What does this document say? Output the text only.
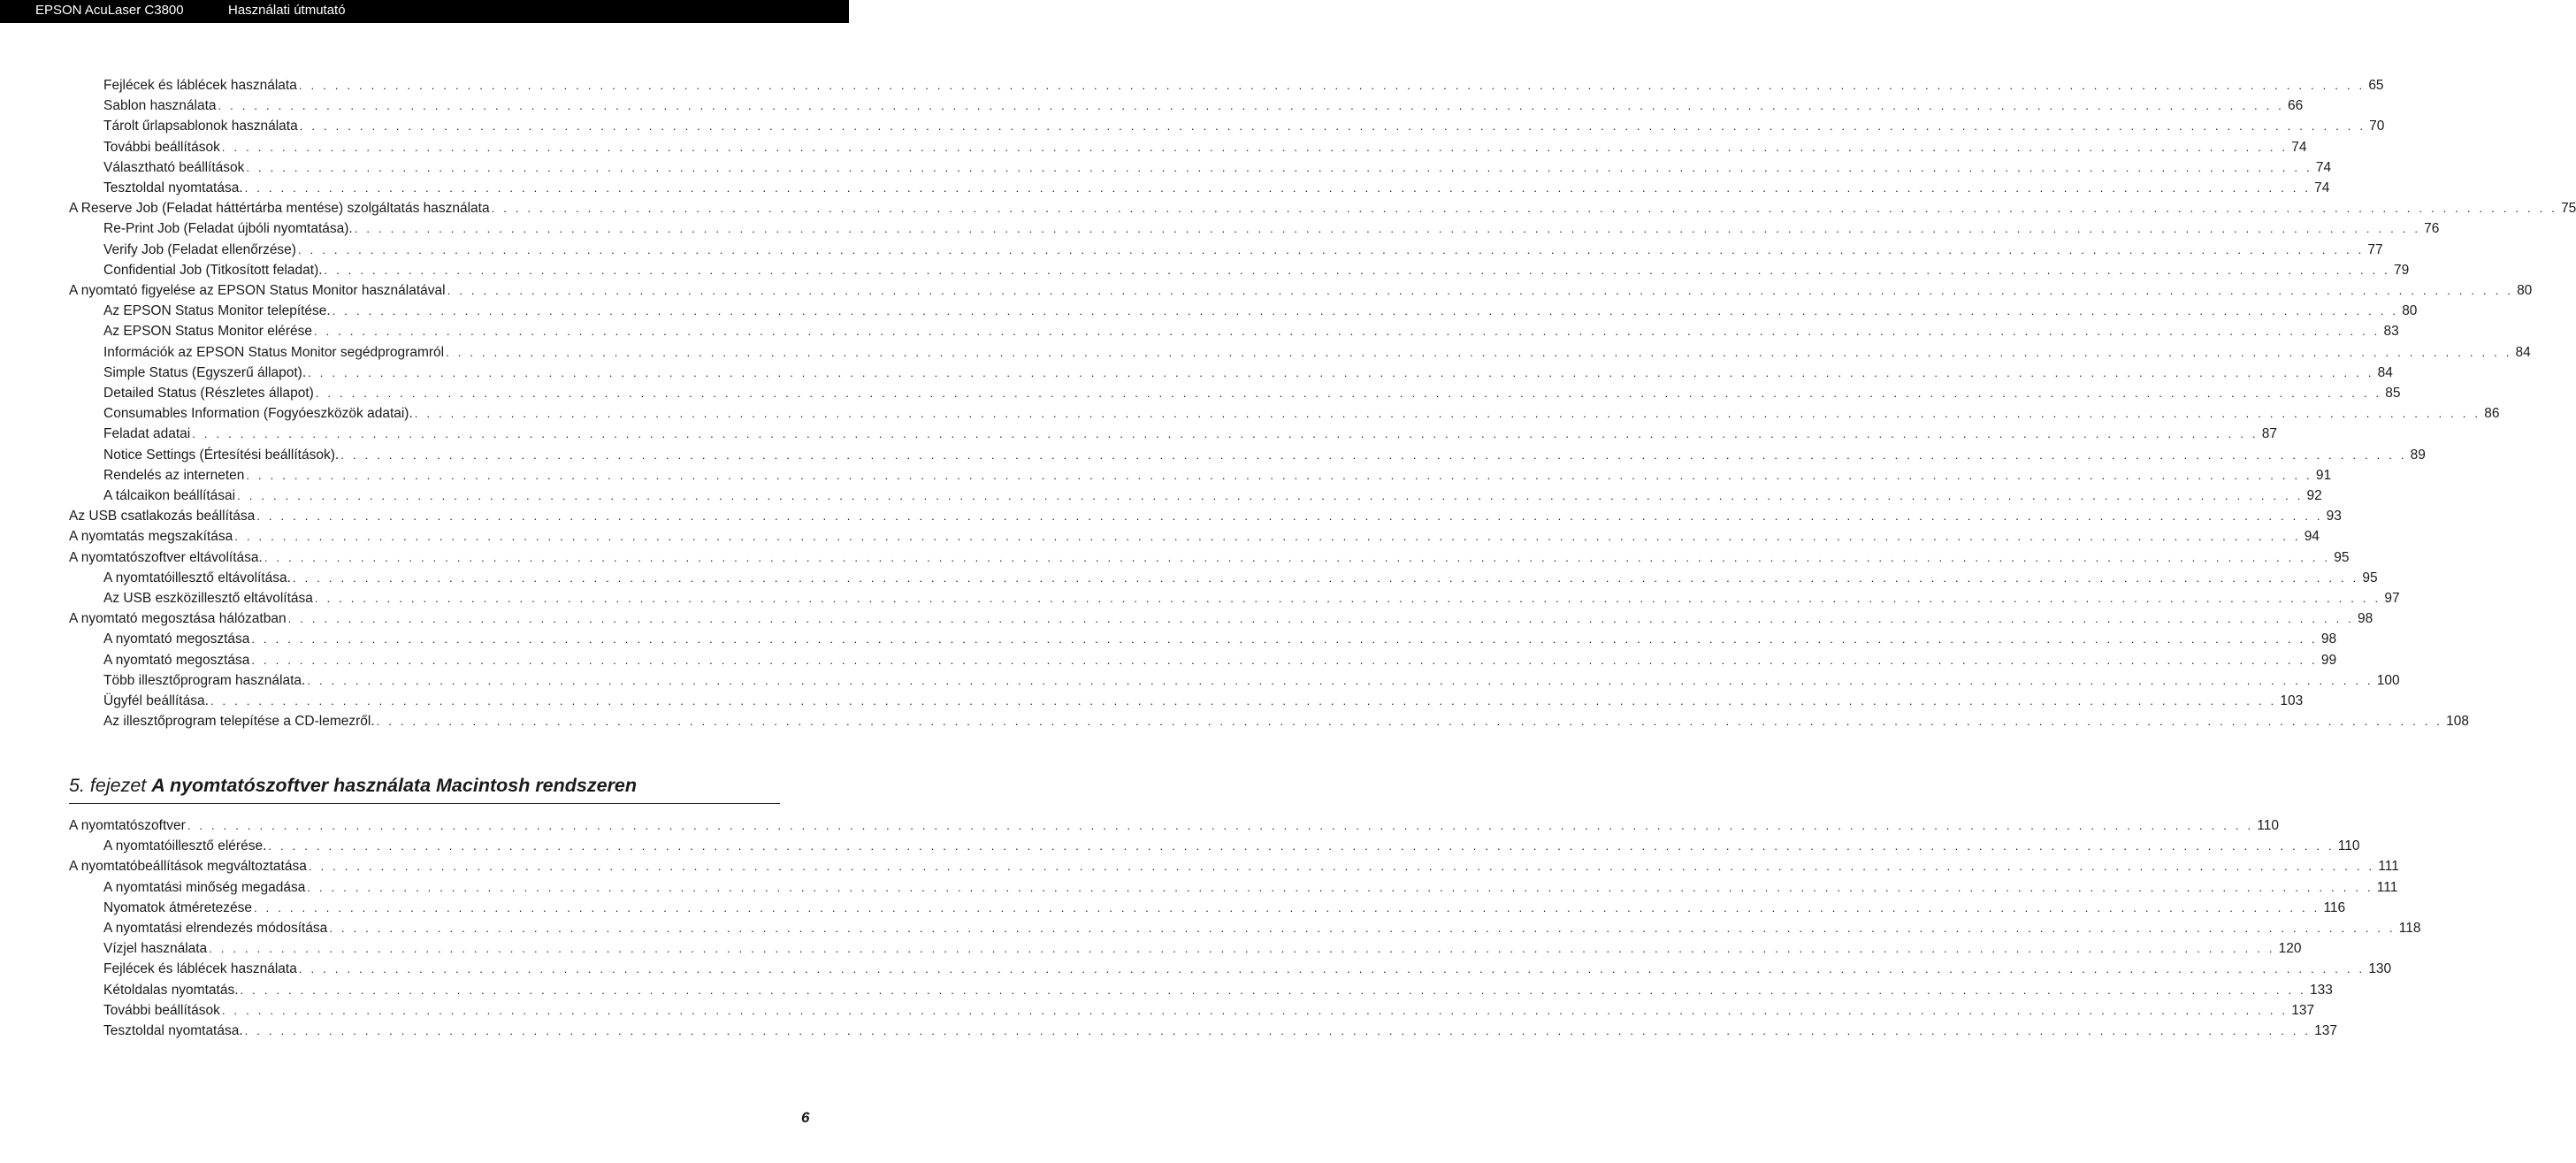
EPSON AcuLaser C3800	Használati útmutató
Fejlécek és láblécek használata . . . . . . . . . . . . . . . . . . . . . . . . . . . . . . . . . . . . . . . . . . . . . . . . . . . . . . . . . . . . . . . . . . . . . . . . . . . . . . . . . . . . . . . . . . . . . . . . . . . . . . . . . . . . . . . . . . . . . . . . . . . . . . . . . . . . . . . . . . . . . . . . . . . . . . . . . . . . . . . . . . . . . . . . . . . . 65
Sablon használata . . . . . . . . . . . . . . . . . . . . . . . . . . . . . . . . . . . . . . . . . . . . . . . . . . . . . . . . . . . . . . . . . . . . . . . . . . . . . . . . . . . . . . . . . . . . . . . . . . . . . . . . . . . . . . . . . . . . . . . . . . . . . . . . . . . . . . . . . . . . . . . . . . . . . . . . . . . . . . . . . . . . . . . . . . . . 66
Tárolt űrlapsablonok használata . . . . . . . . . . . . . . . . . . . . . . . . . . . . . . . . . . . . . . . . . . . . . . . . . . . . . . . . . . . . . . . . . . . . . . . . . . . . . . . . . . . . . . . . . . . . . . . . . . . . . . . . . . . . . . . . . . . . . . . . . . . . . . . . . . . . . . . . . . . . . . . . . . . . . . . . . . . . . . . . . . . . . . . . . . . . 70
További beállítások . . . . . . . . . . . . . . . . . . . . . . . . . . . . . . . . . . . . . . . . . . . . . . . . . . . . . . . . . . . . . . . . . . . . . . . . . . . . . . . . . . . . . . . . . . . . . . . . . . . . . . . . . . . . . . . . . . . . . . . . . . . . . . . . . . . . . . . . . . . . . . . . . . . . . . . . . . . . . . . . . . . . . . . . . . . . 74
Választható beállítások . . . . . . . . . . . . . . . . . . . . . . . . . . . . . . . . . . . . . . . . . . . . . . . . . . . . . . . . . . . . . . . . . . . . . . . . . . . . . . . . . . . . . . . . . . . . . . . . . . . . . . . . . . . . . . . . . . . . . . . . . . . . . . . . . . . . . . . . . . . . . . . . . . . . . . . . . . . . . . . . . . . . . . . . . . . . 74
Tesztoldal nyomtatása. . . . . . . . . . . . . . . . . . . . . . . . . . . . . . . . . . . . . . . . . . . . . . . . . . . . . . . . . . . . . . . . . . . . . . . . . . . . . . . . . . . . . . . . . . . . . . . . . . . . . . . . . . . . . . . . . . . . . . . . . . . . . . . . . . . . . . . . . . . . . . . . . . . . . . . . . . . . . . . . . . . . . . . . . . . . . 74
A Reserve Job (Feladat háttértárba mentése) szolgáltatás használata . . . . . . . . . . . . . . . . . . . . . . . . . . . . . . . . . . . . . . . . . . . . . . . . . . . . . . . . . . . . . . . . . . . . . . . . . . . . . . . . . . . . . . . . . . . . . . . . . . . . . . . . . . . . . . . . . . . . . . . . . . . . . . . . . . . . . . . . . . . . . . . . . . . . . . . . . . . . . . . . . . . . . . . . . . . . 75
Re-Print Job (Feladat újbóli nyomtatása). . . . . . . . . . . . . . . . . . . . . . . . . . . . . . . . . . . . . . . . . . . . . . . . . . . . . . . . . . . . . . . . . . . . . . . . . . . . . . . . . . . . . . . . . . . . . . . . . . . . . . . . . . . . . . . . . . . . . . . . . . . . . . . . . . . . . . . . . . . . . . . . . . . . . . . . . . . . . . . . . . . . . . . . . . . . . 76
Verify Job (Feladat ellenőrzése) . . . . . . . . . . . . . . . . . . . . . . . . . . . . . . . . . . . . . . . . . . . . . . . . . . . . . . . . . . . . . . . . . . . . . . . . . . . . . . . . . . . . . . . . . . . . . . . . . . . . . . . . . . . . . . . . . . . . . . . . . . . . . . . . . . . . . . . . . . . . . . . . . . . . . . . . . . . . . . . . . . . . . . . . . . . . 77
Confidential Job (Titkosított feladat). . . . . . . . . . . . . . . . . . . . . . . . . . . . . . . . . . . . . . . . . . . . . . . . . . . . . . . . . . . . . . . . . . . . . . . . . . . . . . . . . . . . . . . . . . . . . . . . . . . . . . . . . . . . . . . . . . . . . . . . . . . . . . . . . . . . . . . . . . . . . . . . . . . . . . . . . . . . . . . . . . . . . . . . . . . . . 79
A nyomtató figyelése az EPSON Status Monitor használatával . . . . . . . . . . . . . . . . . . . . . . . . . . . . . . . . . . . . . . . . . . . . . . . . . . . . . . . . . . . . . . . . . . . . . . . . . . . . . . . . . . . . . . . . . . . . . . . . . . . . . . . . . . . . . . . . . . . . . . . . . . . . . . . . . . . . . . . . . . . . . . . . . . . . . . . . . . . . . . . . . . . . . . . . . . . . 80
Az EPSON Status Monitor telepítése. . . . . . . . . . . . . . . . . . . . . . . . . . . . . . . . . . . . . . . . . . . . . . . . . . . . . . . . . . . . . . . . . . . . . . . . . . . . . . . . . . . . . . . . . . . . . . . . . . . . . . . . . . . . . . . . . . . . . . . . . . . . . . . . . . . . . . . . . . . . . . . . . . . . . . . . . . . . . . . . . . . . . . . . . . . . . 80
Az EPSON Status Monitor elérése . . . . . . . . . . . . . . . . . . . . . . . . . . . . . . . . . . . . . . . . . . . . . . . . . . . . . . . . . . . . . . . . . . . . . . . . . . . . . . . . . . . . . . . . . . . . . . . . . . . . . . . . . . . . . . . . . . . . . . . . . . . . . . . . . . . . . . . . . . . . . . . . . . . . . . . . . . . . . . . . . . . . . . . . . . . . 83
Információk az EPSON Status Monitor segédprogramról . . . . . . . . . . . . . . . . . . . . . . . . . . . . . . . . . . . . . . . . . . . . . . . . . . . . . . . . . . . . . . . . . . . . . . . . . . . . . . . . . . . . . . . . . . . . . . . . . . . . . . . . . . . . . . . . . . . . . . . . . . . . . . . . . . . . . . . . . . . . . . . . . . . . . . . . . . . . . . . . . . . . . . . . . . . . 84
Simple Status (Egyszerű állapot). . . . . . . . . . . . . . . . . . . . . . . . . . . . . . . . . . . . . . . . . . . . . . . . . . . . . . . . . . . . . . . . . . . . . . . . . . . . . . . . . . . . . . . . . . . . . . . . . . . . . . . . . . . . . . . . . . . . . . . . . . . . . . . . . . . . . . . . . . . . . . . . . . . . . . . . . . . . . . . . . . . . . . . . . . . . . 84
Detailed Status (Részletes állapot) . . . . . . . . . . . . . . . . . . . . . . . . . . . . . . . . . . . . . . . . . . . . . . . . . . . . . . . . . . . . . . . . . . . . . . . . . . . . . . . . . . . . . . . . . . . . . . . . . . . . . . . . . . . . . . . . . . . . . . . . . . . . . . . . . . . . . . . . . . . . . . . . . . . . . . . . . . . . . . . . . . . . . . . . . . . . 85
Consumables Information (Fogyóeszközök adatai). . . . . . . . . . . . . . . . . . . . . . . . . . . . . . . . . . . . . . . . . . . . . . . . . . . . . . . . . . . . . . . . . . . . . . . . . . . . . . . . . . . . . . . . . . . . . . . . . . . . . . . . . . . . . . . . . . . . . . . . . . . . . . . . . . . . . . . . . . . . . . . . . . . . . . . . . . . . . . . . . . . . . . . . . . . . . 86
Feladat adatai . . . . . . . . . . . . . . . . . . . . . . . . . . . . . . . . . . . . . . . . . . . . . . . . . . . . . . . . . . . . . . . . . . . . . . . . . . . . . . . . . . . . . . . . . . . . . . . . . . . . . . . . . . . . . . . . . . . . . . . . . . . . . . . . . . . . . . . . . . . . . . . . . . . . . . . . . . . . . . . . . . . . . . . . . . . . 87
Notice Settings (Értesítési beállítások). . . . . . . . . . . . . . . . . . . . . . . . . . . . . . . . . . . . . . . . . . . . . . . . . . . . . . . . . . . . . . . . . . . . . . . . . . . . . . . . . . . . . . . . . . . . . . . . . . . . . . . . . . . . . . . . . . . . . . . . . . . . . . . . . . . . . . . . . . . . . . . . . . . . . . . . . . . . . . . . . . . . . . . . . . . . . 89
Rendelés az interneten . . . . . . . . . . . . . . . . . . . . . . . . . . . . . . . . . . . . . . . . . . . . . . . . . . . . . . . . . . . . . . . . . . . . . . . . . . . . . . . . . . . . . . . . . . . . . . . . . . . . . . . . . . . . . . . . . . . . . . . . . . . . . . . . . . . . . . . . . . . . . . . . . . . . . . . . . . . . . . . . . . . . . . . . . . . . 91
A tálcaikon beállításai . . . . . . . . . . . . . . . . . . . . . . . . . . . . . . . . . . . . . . . . . . . . . . . . . . . . . . . . . . . . . . . . . . . . . . . . . . . . . . . . . . . . . . . . . . . . . . . . . . . . . . . . . . . . . . . . . . . . . . . . . . . . . . . . . . . . . . . . . . . . . . . . . . . . . . . . . . . . . . . . . . . . . . . . . . . . 92
Az USB csatlakozás beállítása . . . . . . . . . . . . . . . . . . . . . . . . . . . . . . . . . . . . . . . . . . . . . . . . . . . . . . . . . . . . . . . . . . . . . . . . . . . . . . . . . . . . . . . . . . . . . . . . . . . . . . . . . . . . . . . . . . . . . . . . . . . . . . . . . . . . . . . . . . . . . . . . . . . . . . . . . . . . . . . . . . . . . . . . . . . . 93
A nyomtatás megszakítása . . . . . . . . . . . . . . . . . . . . . . . . . . . . . . . . . . . . . . . . . . . . . . . . . . . . . . . . . . . . . . . . . . . . . . . . . . . . . . . . . . . . . . . . . . . . . . . . . . . . . . . . . . . . . . . . . . . . . . . . . . . . . . . . . . . . . . . . . . . . . . . . . . . . . . . . . . . . . . . . . . . . . . . . . . . . 94
A nyomtatószoftver eltávolítása. . . . . . . . . . . . . . . . . . . . . . . . . . . . . . . . . . . . . . . . . . . . . . . . . . . . . . . . . . . . . . . . . . . . . . . . . . . . . . . . . . . . . . . . . . . . . . . . . . . . . . . . . . . . . . . . . . . . . . . . . . . . . . . . . . . . . . . . . . . . . . . . . . . . . . . . . . . . . . . . . . . . . . . . . . . . . 95
A nyomtatóillesztő eltávolítása. . . . . . . . . . . . . . . . . . . . . . . . . . . . . . . . . . . . . . . . . . . . . . . . . . . . . . . . . . . . . . . . . . . . . . . . . . . . . . . . . . . . . . . . . . . . . . . . . . . . . . . . . . . . . . . . . . . . . . . . . . . . . . . . . . . . . . . . . . . . . . . . . . . . . . . . . . . . . . . . . . . . . . . . . . . . . 95
Az USB eszközillesztő eltávolítása . . . . . . . . . . . . . . . . . . . . . . . . . . . . . . . . . . . . . . . . . . . . . . . . . . . . . . . . . . . . . . . . . . . . . . . . . . . . . . . . . . . . . . . . . . . . . . . . . . . . . . . . . . . . . . . . . . . . . . . . . . . . . . . . . . . . . . . . . . . . . . . . . . . . . . . . . . . . . . . . . . . . . . . . . . . . 97
A nyomtató megosztása hálózatban . . . . . . . . . . . . . . . . . . . . . . . . . . . . . . . . . . . . . . . . . . . . . . . . . . . . . . . . . . . . . . . . . . . . . . . . . . . . . . . . . . . . . . . . . . . . . . . . . . . . . . . . . . . . . . . . . . . . . . . . . . . . . . . . . . . . . . . . . . . . . . . . . . . . . . . . . . . . . . . . . . . . . . . . . . . . 98
A nyomtató megosztása . . . . . . . . . . . . . . . . . . . . . . . . . . . . . . . . . . . . . . . . . . . . . . . . . . . . . . . . . . . . . . . . . . . . . . . . . . . . . . . . . . . . . . . . . . . . . . . . . . . . . . . . . . . . . . . . . . . . . . . . . . . . . . . . . . . . . . . . . . . . . . . . . . . . . . . . . . . . . . . . . . . . . . . . . . . . 98
A nyomtató megosztása . . . . . . . . . . . . . . . . . . . . . . . . . . . . . . . . . . . . . . . . . . . . . . . . . . . . . . . . . . . . . . . . . . . . . . . . . . . . . . . . . . . . . . . . . . . . . . . . . . . . . . . . . . . . . . . . . . . . . . . . . . . . . . . . . . . . . . . . . . . . . . . . . . . . . . . . . . . . . . . . . . . . . . . . . . . . 99
Több illesztőprogram használata. . . . . . . . . . . . . . . . . . . . . . . . . . . . . . . . . . . . . . . . . . . . . . . . . . . . . . . . . . . . . . . . . . . . . . . . . . . . . . . . . . . . . . . . . . . . . . . . . . . . . . . . . . . . . . . . . . . . . . . . . . . . . . . . . . . . . . . . . . . . . . . . . . . . . . . . . . . . . . . . . . . . . . . . . . . . . 100
Ügyfél beállítása. . . . . . . . . . . . . . . . . . . . . . . . . . . . . . . . . . . . . . . . . . . . . . . . . . . . . . . . . . . . . . . . . . . . . . . . . . . . . . . . . . . . . . . . . . . . . . . . . . . . . . . . . . . . . . . . . . . . . . . . . . . . . . . . . . . . . . . . . . . . . . . . . . . . . . . . . . . . . . . . . . . . . . . . . . . . . 103
Az illesztőprogram telepítése a CD-lemezről. . . . . . . . . . . . . . . . . . . . . . . . . . . . . . . . . . . . . . . . . . . . . . . . . . . . . . . . . . . . . . . . . . . . . . . . . . . . . . . . . . . . . . . . . . . . . . . . . . . . . . . . . . . . . . . . . . . . . . . . . . . . . . . . . . . . . . . . . . . . . . . . . . . . . . . . . . . . . . . . . . . . . . . . . . . . . 108
A nyomtatószoftver . . . . . . . . . . . . . . . . . . . . . . . . . . . . . . . . . . . . . . . . . . . . . . . . . . . . . . . . . . . . . . . . . . . . . . . . . . . . . . . . . . . . . . . . . . . . . . . . . . . . . . . . . . . . . . . . . . . . . . . . . . . . . . . . . . . . . . . . . . . . . . . . . . . . . . . . . . . . . . . . . . . . . . . . . . . . 110
A nyomtatóillesztő elérése. . . . . . . . . . . . . . . . . . . . . . . . . . . . . . . . . . . . . . . . . . . . . . . . . . . . . . . . . . . . . . . . . . . . . . . . . . . . . . . . . . . . . . . . . . . . . . . . . . . . . . . . . . . . . . . . . . . . . . . . . . . . . . . . . . . . . . . . . . . . . . . . . . . . . . . . . . . . . . . . . . . . . . . . . . . . . 110
A nyomtatóbeállítások megváltoztatása . . . . . . . . . . . . . . . . . . . . . . . . . . . . . . . . . . . . . . . . . . . . . . . . . . . . . . . . . . . . . . . . . . . . . . . . . . . . . . . . . . . . . . . . . . . . . . . . . . . . . . . . . . . . . . . . . . . . . . . . . . . . . . . . . . . . . . . . . . . . . . . . . . . . . . . . . . . . . . . . . . . . . . . . . . . . 111
A nyomtatási minőség megadása . . . . . . . . . . . . . . . . . . . . . . . . . . . . . . . . . . . . . . . . . . . . . . . . . . . . . . . . . . . . . . . . . . . . . . . . . . . . . . . . . . . . . . . . . . . . . . . . . . . . . . . . . . . . . . . . . . . . . . . . . . . . . . . . . . . . . . . . . . . . . . . . . . . . . . . . . . . . . . . . . . . . . . . . . . . . 111
Nyomatok átméretezése . . . . . . . . . . . . . . . . . . . . . . . . . . . . . . . . . . . . . . . . . . . . . . . . . . . . . . . . . . . . . . . . . . . . . . . . . . . . . . . . . . . . . . . . . . . . . . . . . . . . . . . . . . . . . . . . . . . . . . . . . . . . . . . . . . . . . . . . . . . . . . . . . . . . . . . . . . . . . . . . . . . . . . . . . . . . 116
A nyomtatási elrendezés módosítása . . . . . . . . . . . . . . . . . . . . . . . . . . . . . . . . . . . . . . . . . . . . . . . . . . . . . . . . . . . . . . . . . . . . . . . . . . . . . . . . . . . . . . . . . . . . . . . . . . . . . . . . . . . . . . . . . . . . . . . . . . . . . . . . . . . . . . . . . . . . . . . . . . . . . . . . . . . . . . . . . . . . . . . . . . . . 118
Vízjel használata . . . . . . . . . . . . . . . . . . . . . . . . . . . . . . . . . . . . . . . . . . . . . . . . . . . . . . . . . . . . . . . . . . . . . . . . . . . . . . . . . . . . . . . . . . . . . . . . . . . . . . . . . . . . . . . . . . . . . . . . . . . . . . . . . . . . . . . . . . . . . . . . . . . . . . . . . . . . . . . . . . . . . . . . . . . . 120
Fejlécek és láblécek használata . . . . . . . . . . . . . . . . . . . . . . . . . . . . . . . . . . . . . . . . . . . . . . . . . . . . . . . . . . . . . . . . . . . . . . . . . . . . . . . . . . . . . . . . . . . . . . . . . . . . . . . . . . . . . . . . . . . . . . . . . . . . . . . . . . . . . . . . . . . . . . . . . . . . . . . . . . . . . . . . . . . . . . . . . . . . 130
Kétoldalas nyomtatás. . . . . . . . . . . . . . . . . . . . . . . . . . . . . . . . . . . . . . . . . . . . . . . . . . . . . . . . . . . . . . . . . . . . . . . . . . . . . . . . . . . . . . . . . . . . . . . . . . . . . . . . . . . . . . . . . . . . . . . . . . . . . . . . . . . . . . . . . . . . . . . . . . . . . . . . . . . . . . . . . . . . . . . . . . . . . 133
További beállítások . . . . . . . . . . . . . . . . . . . . . . . . . . . . . . . . . . . . . . . . . . . . . . . . . . . . . . . . . . . . . . . . . . . . . . . . . . . . . . . . . . . . . . . . . . . . . . . . . . . . . . . . . . . . . . . . . . . . . . . . . . . . . . . . . . . . . . . . . . . . . . . . . . . . . . . . . . . . . . . . . . . . . . . . . . . . 137
Tesztoldal nyomtatása. . . . . . . . . . . . . . . . . . . . . . . . . . . . . . . . . . . . . . . . . . . . . . . . . . . . . . . . . . . . . . . . . . . . . . . . . . . . . . . . . . . . . . . . . . . . . . . . . . . . . . . . . . . . . . . . . . . . . . . . . . . . . . . . . . . . . . . . . . . . . . . . . . . . . . . . . . . . . . . . . . . . . . . . . . . . . 137
5. fejezet A nyomtatószoftver használata Macintosh rendszeren
6
